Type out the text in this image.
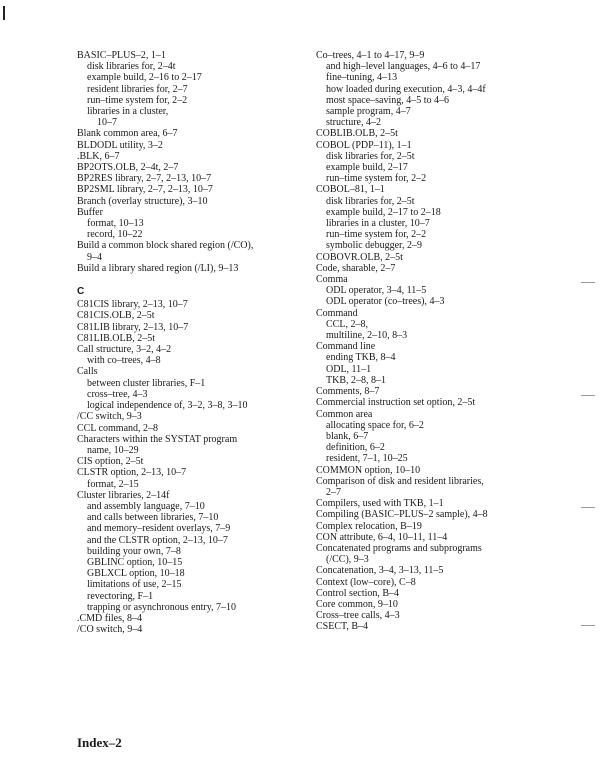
BASIC–PLUS–2, 1–1
disk libraries for, 2–4t
example build, 2–16 to 2–17
resident libraries for, 2–7
run–time system for, 2–2
libraries in a cluster,
10–7
Blank common area, 6–7
BLDODL utility, 3–2
.BLK, 6–7
BP2OTS.OLB, 2–4t, 2–7
BP2RES library, 2–7, 2–13, 10–7
BP2SML library, 2–7, 2–13, 10–7
Branch (overlay structure), 3–10
Buffer
format, 10–13
record, 10–22
Build a common block shared region (/CO),
9–4
Build a library shared region (/LI), 9–13
C
C81CIS library, 2–13, 10–7
C81CIS.OLB, 2–5t
C81LIB library, 2–13, 10–7
C81LIB.OLB, 2–5t
Call structure, 3–2, 4–2
with co–trees, 4–8
Calls
between cluster libraries, F–1
cross–tree, 4–3
logical independence of, 3–2, 3–8, 3–10
/CC switch, 9–3
CCL command, 2–8
Characters within the SYSTAT program
name, 10–29
CIS option, 2–5t
CLSTR option, 2–13, 10–7
format, 2–15
Cluster libraries, 2–14f
and assembly language, 7–10
and calls between libraries, 7–10
and memory–resident overlays, 7–9
and the CLSTR option, 2–13, 10–7
building your own, 7–8
GBLINC option, 10–15
GBLXCL option, 10–18
limitations of use, 2–15
revectoring, F–1
trapping or asynchronous entry, 7–10
.CMD files, 8–4
/CO switch, 9–4
Co–trees, 4–1 to 4–17, 9–9
and high–level languages, 4–6 to 4–17
fine–tuning, 4–13
how loaded during execution, 4–3, 4–4f
most space–saving, 4–5 to 4–6
sample program, 4–7
structure, 4–2
COBLIB.OLB, 2–5t
COBOL (PDP–11), 1–1
disk libraries for, 2–5t
example build, 2–17
run–time system for, 2–2
COBOL–81, 1–1
disk libraries for, 2–5t
example build, 2–17 to 2–18
libraries in a cluster, 10–7
run–time system for, 2–2
symbolic debugger, 2–9
COBOVR.OLB, 2–5t
Code, sharable, 2–7
Comma
ODL operator, 3–4, 11–5
ODL operator (co–trees), 4–3
Command
CCL, 2–8,
multiline, 2–10, 8–3
Command line
ending TKB, 8–4
ODL, 11–1
TKB, 2–8, 8–1
Comments, 8–7
Commercial instruction set option, 2–5t
Common area
allocating space for, 6–2
blank, 6–7
definition, 6–2
resident, 7–1, 10–25
COMMON option, 10–10
Comparison of disk and resident libraries,
2–7
Compilers, used with TKB, 1–1
Compiling (BASIC–PLUS–2 sample), 4–8
Complex relocation, B–19
CON attribute, 6–4, 10–11, 11–4
Concatenated programs and subprograms
(/CC), 9–3
Concatenation, 3–4, 3–13, 11–5
Context (low–core), C–8
Control section, B–4
Core common, 9–10
Cross–tree calls, 4–3
CSECT, B–4
Index–2
